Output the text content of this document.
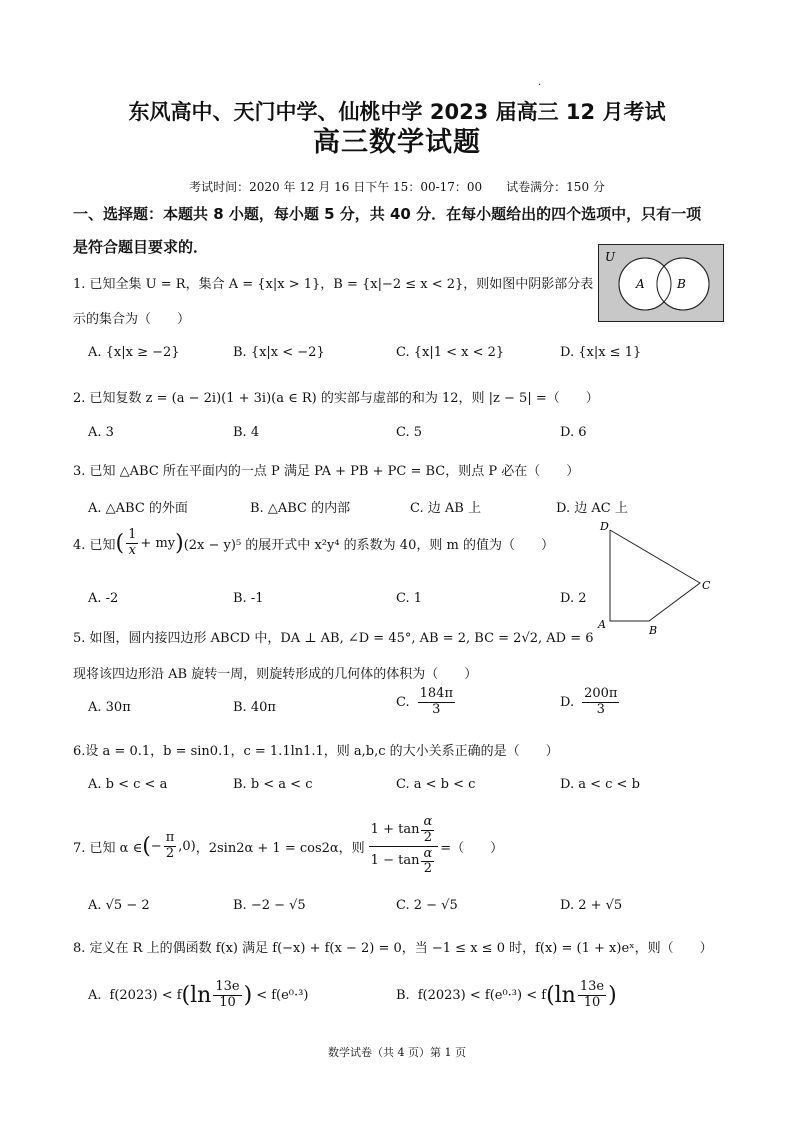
·
东风高中、天门中学、仙桃中学 2023 届高三 12 月考试
高三数学试题
考试时间：2020 年 12 月 16 日下午 15：00-17：00　　试卷满分：150 分
一、选择题：本题共 8 小题，每小题 5 分，共 40 分．在每小题给出的四个选项中，只有一项
是符合题目要求的．
U
A	B
1. 已知全集 U = R，集合 A = {x|x > 1}，B = {x|−2 ≤ x < 2}，则如图中阴影部分表
示的集合为（　　）
A. {x|x ≥ −2}	B. {x|x < −2}	C. {x|1 < x < 2}	D. {x|x ≤ 1}
2. 已知复数 z = (a − 2i)(1 + 3i)(a ∈ R) 的实部与虚部的和为 12，则 |z − 5| =（　　）
A. 3	B. 4	C. 5	D. 6
3. 已知 △ABC 所在平面内的一点 P 满足 PA + PB + PC = BC，则点 P 必在（　　）
A. △ABC 的外面	B. △ABC 的内部	C. 边 AB 上	D. 边 AC 上
D
A	B
C
4. 已知 ( $\frac{1}{x}$ + my ) (2x − y)⁵ 的展开式中 x²y⁴ 的系数为 40，则 m 的值为（　　）
A. -2	B. -1	C. 1	D. 2
5. 如图，圆内接四边形 ABCD 中，DA ⊥ AB, ∠D = 45°, AB = 2, BC = 2√2, AD = 6
现将该四边形沿 AB 旋转一周，则旋转形成的几何体的体积为（　　）
A. 30π	B. 40π	C. $\frac{184\pi}{3}$	D. $\frac{200\pi}{3}$
6.设 a = 0.1，b = sin0.1，c = 1.1ln1.1，则 a,b,c 的大小关系正确的是（　　）
A. b < c < a	B. b < a < c	C. a < b < c	D. a < c < b
7. 已知 α ∈ ( − $\frac{\pi}{2} ,0$) ，2sin2α + 1 = cos2α，则 $\frac{1 + \tan \frac{\alpha}{2}}{1 - \tan \frac{\alpha}{2}}$ =（　　）
A. √5 − 2	B. −2 − √5	C. 2 − √5	D. 2 + √5
8. 定义在 R 上的偶函数 f(x) 满足 f(−x) + f(x − 2) = 0，当 −1 ≤ x ≤ 0 时，f(x) = (1 + x)eˣ，则（　　）
A. f(2023) < f ($\ln \frac{13e}{10}$ ) < f(e⁰·³)	B. f(2023) < f(e⁰·³) < f ($\ln \frac{13e}{10}$ )
数学试卷（共 4 页）第 1 页
